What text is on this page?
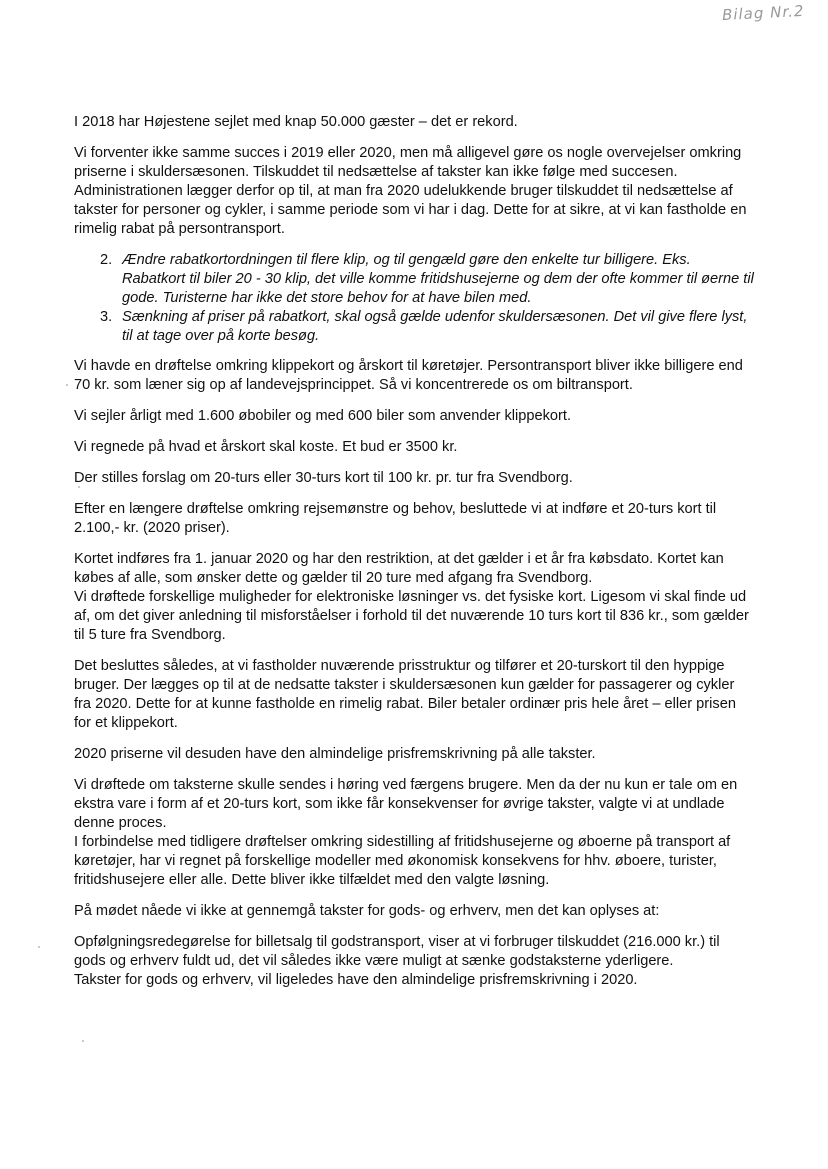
Bilag Nr.2

I 2018 har Højestene sejlet med knap 50.000 gæster – det er rekord.

Vi forventer ikke samme succes i 2019 eller 2020, men må alligevel gøre os nogle overvejelser omkring priserne i skuldersæsonen. Tilskuddet til nedsættelse af takster kan ikke følge med succesen. Administrationen lægger derfor op til, at man fra 2020 udelukkende bruger tilskuddet til nedsættelse af takster for personer og cykler, i samme periode som vi har i dag. Dette for at sikre, at vi kan fastholde en rimelig rabat på persontransport.

2. Ændre rabatkortordningen til flere klip, og til gengæld gøre den enkelte tur billigere. Eks. Rabatkort til biler 20 - 30 klip, det ville komme fritidshusejerne og dem der ofte kommer til øerne til gode. Turisterne har ikke det store behov for at have bilen med.
3. Sænkning af priser på rabatkort, skal også gælde udenfor skuldersæsonen. Det vil give flere lyst, til at tage over på korte besøg.

Vi havde en drøftelse omkring klippekort og årskort til køretøjer. Persontransport bliver ikke billigere end 70 kr. som læner sig op af landevejsprincippet. Så vi koncentrerede os om biltransport.

Vi sejler årligt med 1.600 øbobiler og med 600 biler som anvender klippekort.

Vi regnede på hvad et årskort skal koste. Et bud er 3500 kr.

Der stilles forslag om 20-turs eller 30-turs kort til 100 kr. pr. tur fra Svendborg.

Efter en længere drøftelse omkring rejsemønstre og behov, besluttede vi at indføre et 20-turs kort til 2.100,- kr. (2020 priser).

Kortet indføres fra 1. januar 2020 og har den restriktion, at det gælder i et år fra købsdato. Kortet kan købes af alle, som ønsker dette og gælder til 20 ture med afgang fra Svendborg.

Vi drøftede forskellige muligheder for elektroniske løsninger vs. det fysiske kort. Ligesom vi skal finde ud af, om det giver anledning til misforståelser i forhold til det nuværende 10 turs kort til 836 kr., som gælder til 5 ture fra Svendborg.

Det besluttes således, at vi fastholder nuværende prisstruktur og tilfører et 20-turskort til den hyppige bruger. Der lægges op til at de nedsatte takster i skuldersæsonen kun gælder for passagerer og cykler fra 2020. Dette for at kunne fastholde en rimelig rabat. Biler betaler ordinær pris hele året – eller prisen for et klippekort.

2020 priserne vil desuden have den almindelige prisfremskrivning på alle takster.

Vi drøftede om taksterne skulle sendes i høring ved færgens brugere. Men da der nu kun er tale om en ekstra vare i form af et 20-turs kort, som ikke får konsekvenser for øvrige takster, valgte vi at undlade denne proces.

I forbindelse med tidligere drøftelser omkring sidestilling af fritidshusejerne og øboerne på transport af køretøjer, har vi regnet på forskellige modeller med økonomisk konsekvens for hhv. øboere, turister, fritidshusejere eller alle. Dette bliver ikke tilfældet med den valgte løsning.

På mødet nåede vi ikke at gennemgå takster for gods- og erhverv, men det kan oplyses at:

Opfølgningsredegørelse for billetsalg til godstransport, viser at vi forbruger tilskuddet (216.000 kr.) til gods og erhverv fuldt ud, det vil således ikke være muligt at sænke godstaksterne yderligere.

Takster for gods og erhverv, vil ligeledes have den almindelige prisfremskrivning i 2020.
